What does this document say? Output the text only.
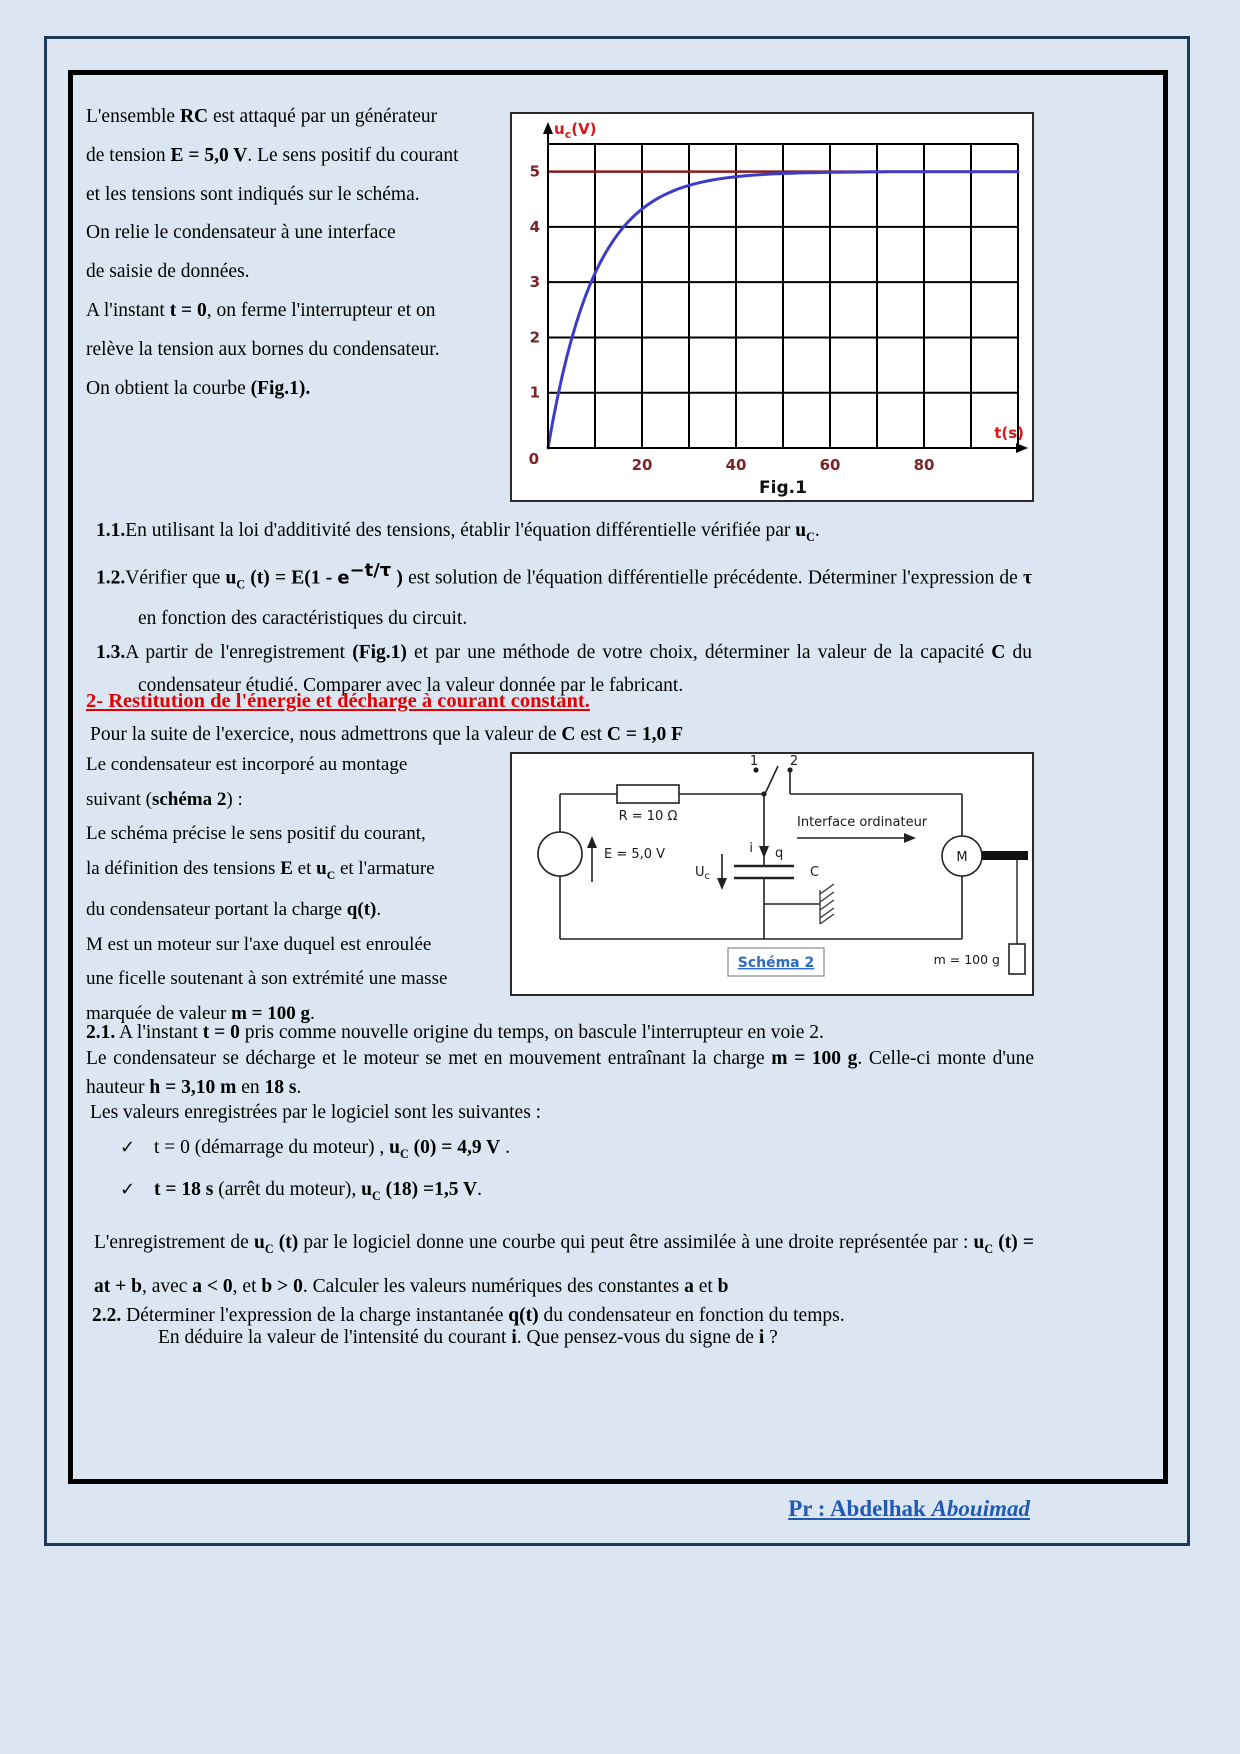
L'ensemble RC est attaqué par un générateur
de tension E = 5,0 V. Le sens positif du courant
et les tensions sont indiqués sur le schéma.
On relie le condensateur à une interface
de saisie de données.
A l'instant t = 0, on ferme l'interrupteur et on
relève la tension aux bornes du condensateur.
On obtient la courbe (Fig.1).	1
2
3
4
5
20	40	60	80
0
$u_c(V)$
t(s)
Fig.1

1.1.En utilisant la loi d'additivité des tensions, établir l'équation différentielle vérifiée par $u_C$.

1.2.Vérifier que $u_C$ $(t) = E(1 - e^{-t/\tau}$ ) est solution de l'équation différentielle précédente. Déterminer l'expression de τ en fonction des caractéristiques du circuit.

1.3.A partir de l'enregistrement (Fig.1) et par une méthode de votre choix, déterminer la valeur de la capacité C du condensateur étudié. Comparer avec la valeur donnée par le fabricant.

2- Restitution de l'énergie et décharge à courant constant.
Pour la suite de l'exercice, nous admettrons que la valeur de C est C = 1,0 F
Le condensateur est incorporé au montage
suivant (schéma 2) :
Le schéma précise le sens positif du courant,
la définition des tensions E et $u_C$ et l'armature
du condensateur portant la charge q(t).
M est un moteur sur l'axe duquel est enroulée
une ficelle soutenant à son extrémité une masse
marquée de valeur m = 100 g.
R = 10 Ω
1 2
Interface ordinateur
E = 5,0 V	i q
$U_c$	C
M
m = 100 g
Schéma 2

2.1. A l'instant t = 0 pris comme nouvelle origine du temps, on bascule l'interrupteur en voie 2.

Le condensateur se décharge et le moteur se met en mouvement entraînant la charge m = 100 g. Celle-ci monte d'une hauteur h = 3,10 m en 18 s.

Les valeurs enregistrées par le logiciel sont les suivantes :

✓ t = 0 (démarrage du moteur) , $u_C$ (0) = 4,9 V .
✓ t = 18 s (arrêt du moteur), $u_C$ (18) =1,5 V.

L'enregistrement de $u_C$ (t) par le logiciel donne une courbe qui peut être assimilée à une droite représentée par : $u_C$ (t) = at + b, avec a < 0, et b > 0. Calculer les valeurs numériques des constantes a et b

2.2. Déterminer l'expression de la charge instantanée q(t) du condensateur en fonction du temps.

En déduire la valeur de l'intensité du courant i. Que pensez-vous du signe de i ?

Pr : Abdelhak Abouimad
